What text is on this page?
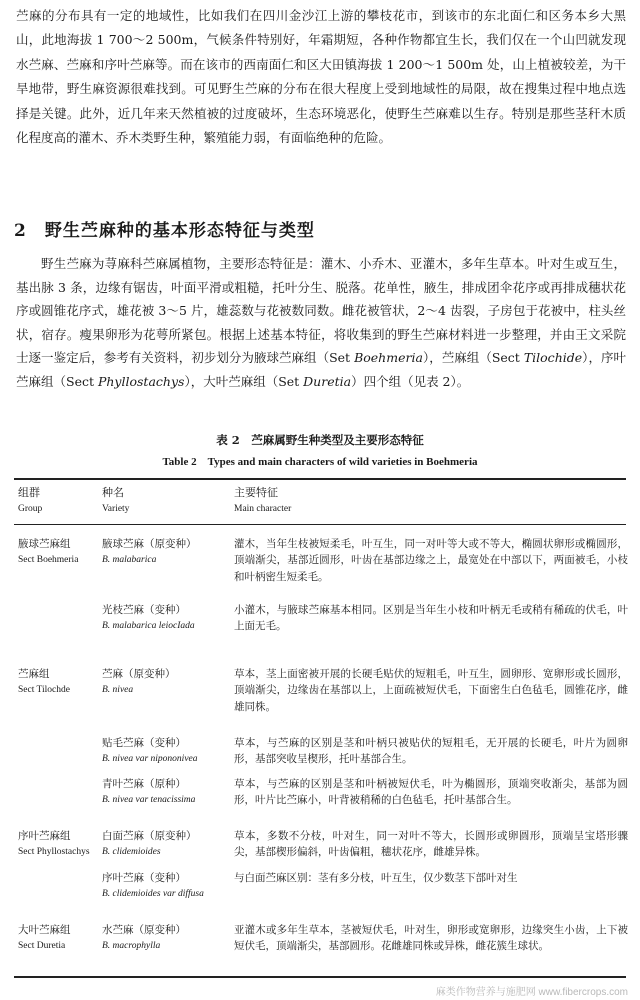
苎麻的分布具有一定的地域性，比如我们在四川金沙江上游的攀枝花市，到该市的东北面仁和区务本乡大黑山，此地海拔 1 700～2 500m，气候条件特别好，年霜期短，各种作物都宜生长，我们仅在一个山凹就发现水苎麻、苎麻和序叶苎麻等。而在该市的西南面仁和区大田镇海拔 1 200～1 500m 处，山上植被较差，为干旱地带，野生麻资源很难找到。可见野生苎麻的分布在很大程度上受到地域性的局限，故在搜集过程中地点选择是关键。此外，近几年来天然植被的过度破坏，生态环境恶化，使野生苎麻难以生存。特别是那些茎秆木质化程度高的灌木、乔木类野生种，繁殖能力弱，有面临绝种的危险。

2 野生苎麻种的基本形态特征与类型

野生苎麻为荨麻科苎麻属植物，主要形态特征是：灌木、小乔木、亚灌木，多年生草本。叶对生或互生，基出脉 3 条，边缘有锯齿，叶面平滑或粗糙，托叶分生、脱落。花单性，腋生，排成团伞花序或再排成穗状花序或圆锥花序式，雄花被 3～5 片，雄蕊数与花被数同数。雌花被管状，2～4 齿裂，子房包于花被中，柱头丝状，宿存。瘦果卵形为花萼所紧包。根据上述基本特征，将收集到的野生苎麻材料进一步整理，并由王文采院士逐一鉴定后，参考有关资料，初步划分为腋球苎麻组（Set Boehmeria），苎麻组（Sect Tilochide），序叶苎麻组（Sect Phyllostachys），大叶苎麻组（Set Duretia）四个组（见表 2）。

表 2　苎麻属野生种类型及主要形态特征
Table 2　Types and main characters of wild varieties in Boehmeria
组群
Group
种名
Variety
主要特征
Main character
腋球苎麻组
Sect Boehmeria
腋球苎麻（原变种）
B. malabarica
灌木，当年生枝被短柔毛，叶互生，同一对叶等大或不等大，椭圆状卵形或椭圆形，顶端渐尖，基部近圆形，叶齿在基部边缘之上，最宽处在中部以下，两面被毛，小枝和叶柄密生短柔毛。
光枝苎麻（变种）
B. malabarica leiocIada
小灌木，与腋球苎麻基本相同。区别是当年生小枝和叶柄无毛或稍有稀疏的伏毛，叶上面无毛。
苎麻组
Sect Tilochde
苎麻（原变种）
B. nivea
草本，茎上面密被开展的长硬毛贴伏的短粗毛，叶互生，圆卵形、宽卵形或长圆形，顶端渐尖，边缘齿在基部以上，上面疏被短伏毛，下面密生白色毡毛，圆锥花序，雌雄同株。
贴毛苎麻（变种）
B. nivea var nipononivea
草本，与苎麻的区别是茎和叶柄只被贴伏的短粗毛，无开展的长硬毛，叶片为圆卵形，基部突收呈楔形，托叶基部合生。
青叶苎麻（原种）
B. nivea var tenacissima
草本，与苎麻的区别是茎和叶柄被短伏毛，叶为椭圆形，顶端突收渐尖，基部为圆形，叶片比苎麻小，叶背被稍稀的白色毡毛，托叶基部合生。
序叶苎麻组
Sect Phyllostachys
白面苎麻（原变种）
B. clidemioides
草本，多数不分枝，叶对生，同一对叶不等大，长圆形或卵圆形，顶端呈宝塔形骤尖，基部楔形偏斜，叶齿偏粗，穗状花序，雌雄异株。
序叶苎麻（变种）
B. clidemioides var diffusa
与白面苎麻区别：茎有多分枝，叶互生，仅少数茎下部叶对生
大叶苎麻组
Sect Duretia
水苎麻（原变种）
B. macrophylla
亚灌木或多年生草本，茎被短伏毛，叶对生，卵形或宽卵形，边缘突生小齿，上下被短伏毛，顶端渐尖，基部圆形。花雌雄同株或异株，雌花簇生球状。
麻类作物营养与施肥网 www.fibercrops.com
